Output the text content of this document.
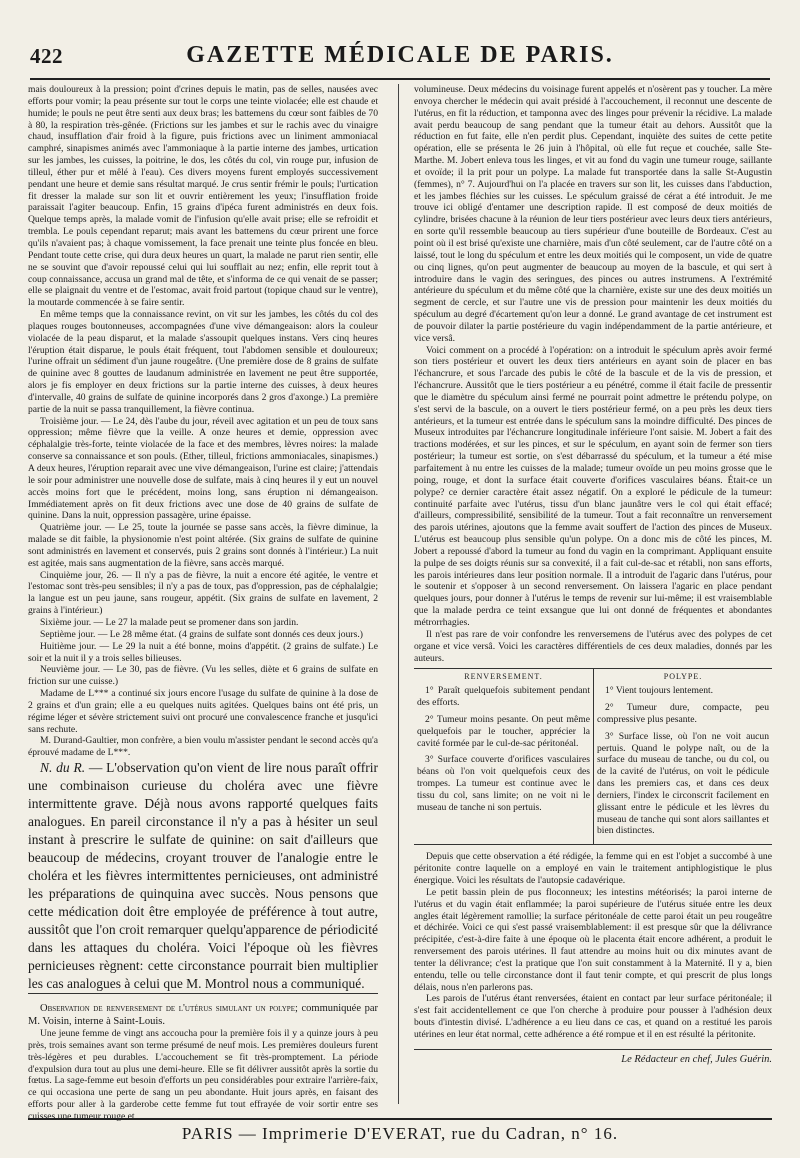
422	GAZETTE MÉDICALE DE PARIS.

mais douloureux à la pression; point d'crines depuis le matin, pas de selles, nausées avec efforts pour vomir; la peau présente sur tout le corps une teinte violacée; elle est chaude et humide; le pouls ne peut être senti aux deux bras; les battemens du cœur sont faibles de 70 à 80, la respiration très-gênée. (Frictions sur les jambes et sur le rachis avec du vinaigre chaud, insufflation d'air froid à la figure, puis frictions avec un liniment ammoniacal camphré, sinapismes animés avec l'ammoniaque à la partie interne des jambes, urtication sur les jambes, les cuisses, la poitrine, le dos, les côtés du col, vin rouge pur, infusion de tilleul, éther pur et mêlé à l'eau). Ces divers moyens furent employés successivement pendant une heure et demie sans résultat marqué. Je crus sentir frémir le pouls; l'urtication fit dresser la malade sur son lit et ouvrir entièrement les yeux; l'insufflation froide paraissait l'agiter beaucoup. Enfin, 15 grains d'ipéca furent administrés en deux fois. Quelque temps après, la malade vomit de l'infusion qu'elle avait prise; elle se refroidit et trembla. Le pouls cependant reparut; mais avant les battemens du cœur prirent une force qu'ils n'avaient pas; à chaque vomissement, la face prenait une teinte plus foncée en bleu. Pendant toute cette crise, qui dura deux heures un quart, la malade ne parut rien sentir, elle ne se souvint que d'avoir repoussé celui qui lui soufflait au nez; enfin, elle reprit tout à coup connaissance, accusa un grand mal de tête, et s'informa de ce qui venait de se passer; elle se plaignait du ventre et de l'estomac, avait froid partout (topique chaud sur le ventre), la moutarde commencée à se faire sentir.

En même temps que la connaissance revint, on vit sur les jambes, les côtés du col des plaques rouges boutonneuses, accompagnées d'une vive démangeaison: alors la couleur violacée de la peau disparut, et la malade s'assoupit quelques instans. Vers cinq heures l'éruption était disparue, le pouls était fréquent, tout l'abdomen sensible et douloureux; l'urine offrait un sédiment d'un jaune rougeâtre. (Une première dose de 8 grains de sulfate de quinine avec 8 gouttes de laudanum administrée en lavement ne peut être supportée, alors je fis employer en deux frictions sur la partie interne des cuisses, à deux heures d'intervalle, 40 grains de sulfate de quinine incorporés dans 2 gros d'axonge.) La première partie de la nuit se passa tranquillement, la fièvre continua.

Troisième jour. — Le 24, dès l'aube du jour, réveil avec agitation et un peu de toux sans oppression; même fièvre que la veille. A onze heures et demie, oppression avec céphalalgie très-forte, teinte violacée de la face et des membres, lèvres noires: la malade conserve sa connaissance et son pouls. (Ether, tilleul, frictions ammoniacales, sinapismes.) A deux heures, l'éruption reparait avec une vive démangeaison, l'urine est claire; j'attendais le soir pour administrer une nouvelle dose de sulfate, mais à cinq heures il y eut un nouvel accès moins fort que le précédent, moins long, sans éruption ni démangeaison. Immédiatement après on fit deux frictions avec une dose de 40 grains de sulfate de quinine. Dans la nuit, oppression passagère, urine épaisse.

Quatrième jour. — Le 25, toute la journée se passe sans accès, la fièvre diminue, la malade se dit faible, la physionomie n'est point altérée. (Six grains de sulfate de quinine sont administrés en lavement et conservés, puis 2 grains sont donnés à l'intérieur.) La nuit est agitée, mais sans augmentation de la fièvre, sans accès marqué.

Cinquième jour, 26. — Il n'y a pas de fièvre, la nuit a encore été agitée, le ventre et l'estomac sont très-peu sensibles; il n'y a pas de toux, pas d'oppression, pas de céphalalgie; la langue est un peu jaune, sans rougeur, appétit. (Six grains de sulfate en lavement, 2 grains à l'intérieur.)

Sixième jour. — Le 27 la malade peut se promener dans son jardin.

Septième jour. — Le 28 même état. (4 grains de sulfate sont donnés ces deux jours.)

Huitième jour. — Le 29 la nuit a été bonne, moins d'appétit. (2 grains de sulfate.) Le soir et la nuit il y a trois selles bilieuses.

Neuvième jour. — Le 30, pas de fièvre. (Vu les selles, diète et 6 grains de sulfate en friction sur une cuisse.)

Madame de L*** a continué six jours encore l'usage du sulfate de quinine à la dose de 2 grains et d'un grain; elle a eu quelques nuits agitées. Quelques bains ont été pris, un régime léger et sévère strictement suivi ont procuré une convalescence franche et jusqu'ici sans rechute.

M. Durand-Gaultier, mon confrère, a bien voulu m'assister pendant le second accès qu'a éprouvé madame de L***.

N. du R. — L'observation qu'on vient de lire nous paraît offrir une combinaison curieuse du choléra avec une fièvre intermittente grave. Déjà nous avons rapporté quelques faits analogues. En pareil circonstance il n'y a pas à hésiter un seul instant à prescrire le sulfate de quinine: on sait d'ailleurs que beaucoup de médecins, croyant trouver de l'analogie entre le choléra et les fièvres intermittentes pernicieuses, ont administré les préparations de quinquina avec succès. Nous pensons que cette médication doit être employée de préférence à tout autre, aussitôt que l'on croit remarquer quelqu'apparence de périodicité dans les attaques du choléra. Voici l'époque où les fièvres pernicieuses règnent: cette circonstance pourrait bien multiplier les cas analogues à celui que M. Montrol nous a communiqué.

Observation de renversement de l'utérus simulant un polype; communiquée par M. Voisin, interne à Saint-Louis.

Une jeune femme de vingt ans accoucha pour la première fois il y a quinze jours à peu près, trois semaines avant son terme présumé de neuf mois. Les premières douleurs furent très-légères et peu durables. L'accouchement se fit très-promptement. La période d'expulsion dura tout au plus une demi-heure. Elle se fit délivrer aussitôt après la sortie du fœtus. La sage-femme eut besoin d'efforts un peu considérables pour extraire l'arrière-faix, ce qui occasiona une perte de sang un peu abondante. Huit jours après, en faisant des efforts pour aller à la garderobe cette femme fut tout effrayée de voir sortir entre ses cuisses une tumeur rouge et

volumineuse. Deux médecins du voisinage furent appelés et n'osèrent pas y toucher. La mère envoya chercher le médecin qui avait présidé à l'accouchement, il reconnut une descente de l'utérus, en fit la réduction, et tamponna avec des linges pour prévenir la récidive. La malade avait perdu beaucoup de sang pendant que la tumeur était au dehors. Aussitôt que la réduction en fut faite, elle n'en perdit plus. Cependant, inquiète des suites de cette petite opération, elle se présenta le 26 juin à l'hôpital, où elle fut reçue et couchée, salle Ste-Marthe. M. Jobert enleva tous les linges, et vit au fond du vagin une tumeur rouge, saillante et ovoïde; il la prit pour un polype. La malade fut transportée dans la salle St-Augustin (femmes), n° 7. Aujourd'hui on l'a placée en travers sur son lit, les cuisses dans l'abduction, et les jambes fléchies sur les cuisses. Le spéculum graissé de cérat a été introduit. Je me trouve ici obligé d'entamer une description rapide. Il est composé de deux moitiés de cylindre, brisées chacune à la réunion de leur tiers postérieur avec leurs deux tiers antérieurs, en sorte qu'il ressemble beaucoup au tiers supérieur d'une bouteille de Bordeaux. C'est au point où il est brisé qu'existe une charnière, mais d'un côté seulement, car de l'autre côté on a laissé, tout le long du spéculum et entre les deux moitiés qui le composent, un vide de quatre ou cinq lignes, qu'on peut augmenter de beaucoup au moyen de la bascule, et qui sert à introduire dans le vagin des seringues, des pinces ou autres instrumens. A l'extrémité antérieure du spéculum et du même côté que la charnière, existe sur une des deux moitiés un segment de cercle, et sur l'autre une vis de pression pour maintenir les deux moitiés du spéculum au degré d'écartement qu'on leur a donné. Le grand avantage de cet instrument est de pouvoir dilater la partie postérieure du vagin indépendamment de la partie antérieure, et vice versâ.

Voici comment on a procédé à l'opération: on a introduit le spéculum après avoir fermé son tiers postérieur et ouvert les deux tiers antérieurs en ayant soin de placer en bas l'échancrure, et sous l'arcade des pubis le côté de la bascule et de la vis de pression, et l'échancrure. Aussitôt que le tiers postérieur a eu pénétré, comme il était facile de pressentir que le diamètre du spéculum ainsi fermé ne pourrait point admettre le prétendu polype, on s'est servi de la bascule, on a ouvert le tiers postérieur fermé, on a peu près les deux tiers antérieurs, et la tumeur est entrée dans le spéculum sans la moindre difficulté. Des pinces de Museux introduites par l'échancrure longitudinale inférieure l'ont saisie. M. Jobert a fait des tractions modérées, et sur les pinces, et sur le spéculum, en ayant soin de fermer son tiers postérieur; la tumeur est sortie, on s'est débarrassé du spéculum, et la tumeur a été mise parfaitement à nu entre les cuisses de la malade; tumeur ovoïde un peu moins grosse que le poing, rouge, et dont la surface était couverte d'orifices vasculaires béans. Était-ce un polype? ce dernier caractère était assez négatif. On a exploré le pédicule de la tumeur: continuité parfaite avec l'utérus, tissu d'un blanc jaunâtre vers le col qui était effacé; d'ailleurs, compressibilité, sensibilité de la tumeur. Tout a fait reconnaître un renversement des parois utérines, ajoutons que la femme avait souffert de l'action des pinces de Museux. L'utérus est beaucoup plus sensible qu'un polype. On a donc mis de côté les pinces, M. Jobert a repoussé d'abord la tumeur au fond du vagin en la comprimant. Appliquant ensuite la pulpe de ses doigts réunis sur sa convexité, il a fait cul-de-sac et rétabli, non sans efforts, les parois intérieures dans leur position normale. Il a introduit de l'agaric dans l'utérus, pour le soutenir et s'opposer à un second renversement. On laissera l'agaric en place pendant quelques jours, pour donner à l'utérus le temps de revenir sur lui-même; il est vraisemblable que la malade perdra ce teint exsangue que lui ont donné de fréquentes et abondantes métrorrhagies.

Il n'est pas rare de voir confondre les renversemens de l'utérus avec des polypes de cet organe et vice versâ. Voici les caractères différentiels de ces deux maladies, donnés par les auteurs.

RENVERSEMENT.

1° Paraît quelquefois subitement pendant des efforts.

2° Tumeur moins pesante. On peut même quelquefois par le toucher, apprécier la cavité formée par le cul-de-sac péritonéal.

3° Surface couverte d'orifices vasculaires béans où l'on voit quelquefois ceux des trompes. La tumeur est continue avec le tissu du col, sans limite; on ne voit ni le museau de tanche ni son pertuis.

POLYPE.

1° Vient toujours lentement.

2° Tumeur dure, compacte, peu compressive plus pesante.

3° Surface lisse, où l'on ne voit aucun pertuis. Quand le polype naît, ou de la surface du museau de tanche, ou du col, ou de la cavité de l'utérus, on voit le pédicule dans les premiers cas, et dans ces deux derniers, l'index le circonscrit facilement en glissant entre le pédicule et les lèvres du museau de tanche qui sont alors saillantes et bien distinctes.

Depuis que cette observation a été rédigée, la femme qui en est l'objet a succombé à une péritonite contre laquelle on a employé en vain le traitement antiphlogistique le plus énergique. Voici les résultats de l'autopsie cadavérique.

Le petit bassin plein de pus floconneux; les intestins météorisés; la paroi interne de l'utérus et du vagin était enflammée; la paroi supérieure de l'utérus située entre les deux angles était légèrement ramollie; la surface péritonéale de cette paroi était un peu rougeâtre et déchirée. Voici ce qui s'est passé vraisemblablement: il est presque sûr que la délivrance précipitée, c'est-à-dire faite à une époque où le placenta était encore adhérent, a produit le renversement des parois utérines. Il faut attendre au moins huit ou dix minutes avant de tenter la délivrance; c'est la pratique que l'on suit constamment à la Maternité. Il y a, bien entendu, telle ou telle circonstance dont il faut tenir compte, et qui prescrit de plus longs délais, nous n'en parlerons pas.

Les parois de l'utérus étant renversées, étaient en contact par leur surface péritonéale; il s'est fait accidentellement ce que l'on cherche à produire pour pousser à l'adhésion deux bouts d'intestin divisé. L'adhérence a eu lieu dans ce cas, et quand on a restitué les parois utérines en leur état normal, cette adhérence a été rompue et il en est résulté la péritonite.

Le Rédacteur en chef, Jules Guérin.
PARIS — Imprimerie D'EVERAT, rue du Cadran, n° 16.
